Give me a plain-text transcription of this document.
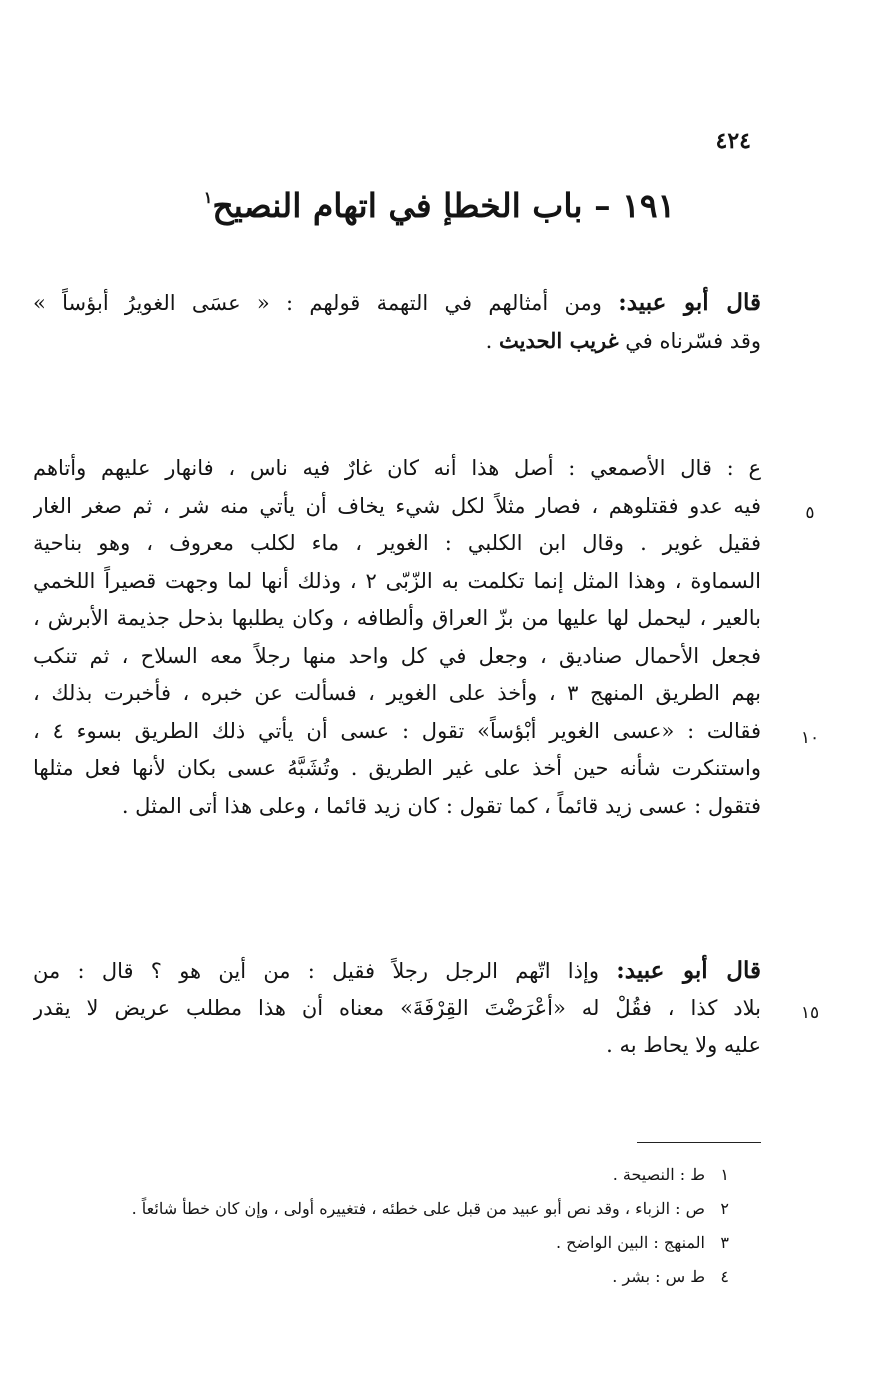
٤٢٤
١٩١ – باب الخطإ في اتهام النصيح$^١$
قال أبو عبيد: ومن أمثالهم في التهمة قولهم : « عسَى الغويرُ أبؤساً »
وقد فسّرناه في غريب الحديث .
ع : قال الأصمعي : أصل هذا أنه كان غارٌ فيه ناس ، فانهار عليهم وأتاهم
فيه عدو فقتلوهم ، فصار مثلاً لكل شيء يخاف أن يأتي منه شر ، ثم صغر الغار
فقيل غوير . وقال ابن الكلبي : الغوير ، ماء لكلب معروف ، وهو بناحية
السماوة ، وهذا المثل إنما تكلمت به الزّبّى ٢ ، وذلك أنها لما وجهت قصيراً اللخمي
بالعير ، ليحمل لها عليها من بزّ العراق وألطافه ، وكان يطلبها بذحل جذيمة الأبرش ،
فجعل الأحمال صناديق ، وجعل في كل واحد منها رجلاً معه السلاح ، ثم تنكب
بهم الطريق المنهج ٣ ، وأخذ على الغوير ، فسألت عن خبره ، فأخبرت بذلك ،
فقالت : «عسى الغوير أبْؤساً» تقول : عسى أن يأتي ذلك الطريق بسوء ٤ ،
واستنكرت شأنه حين أخذ على غير الطريق . وتُشَبَّهُ عسى بكان لأنها فعل مثلها
فتقول : عسى زيد قائماً ، كما تقول : كان زيد قائما ، وعلى هذا أتى المثل .
قال أبو عبيد: وإذا اتّهم الرجل رجلاً فقيل : من أين هو ؟ قال : من
بلاد كذا ، فقُلْ له «أعْرَضْتَ القِرْفَةَ» معناه أن هذا مطلب عريض لا يقدر
عليه ولا يحاط به .
٥
١٠
١٥
١ط : النصيحة .
٢ص : الزباء ، وقد نص أبو عبيد من قبل على خطئه ، فتغييره أولى ، وإن كان خطأ شائعاً .
٣المنهج : البين الواضح .
٤ط س : بشر .
